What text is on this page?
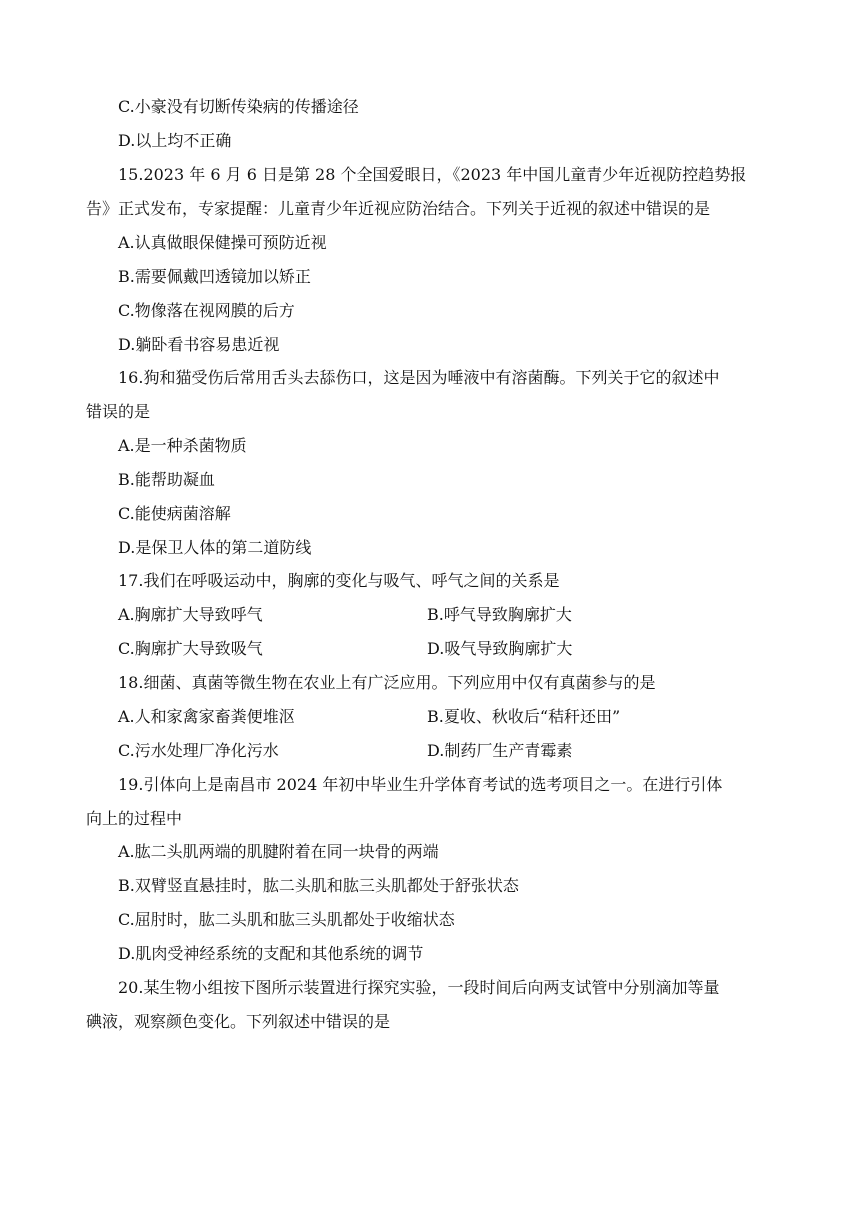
C.小豪没有切断传染病的传播途径
D.以上均不正确
15.2023 年 6 月 6 日是第 28 个全国爱眼日，《2023 年中国儿童青少年近视防控趋势报
告》正式发布，专家提醒：儿童青少年近视应防治结合。下列关于近视的叙述中错误的是
A.认真做眼保健操可预防近视
B.需要佩戴凹透镜加以矫正
C.物像落在视网膜的后方
D.躺卧看书容易患近视
16.狗和猫受伤后常用舌头去舔伤口，这是因为唾液中有溶菌酶。下列关于它的叙述中
错误的是
A.是一种杀菌物质
B.能帮助凝血
C.能使病菌溶解
D.是保卫人体的第二道防线
17.我们在呼吸运动中，胸廓的变化与吸气、呼气之间的关系是
A.胸廓扩大导致呼气	B.呼气导致胸廓扩大
C.胸廓扩大导致吸气	D.吸气导致胸廓扩大
18.细菌、真菌等微生物在农业上有广泛应用。下列应用中仅有真菌参与的是
A.人和家禽家畜粪便堆沤	B.夏收、秋收后“秸秆还田”
C.污水处理厂净化污水	D.制药厂生产青霉素
19.引体向上是南昌市 2024 年初中毕业生升学体育考试的选考项目之一。在进行引体
向上的过程中
A.肱二头肌两端的肌腱附着在同一块骨的两端
B.双臂竖直悬挂时，肱二头肌和肱三头肌都处于舒张状态
C.屈肘时，肱二头肌和肱三头肌都处于收缩状态
D.肌肉受神经系统的支配和其他系统的调节
20.某生物小组按下图所示装置进行探究实验，一段时间后向两支试管中分别滴加等量
碘液，观察颜色变化。下列叙述中错误的是
